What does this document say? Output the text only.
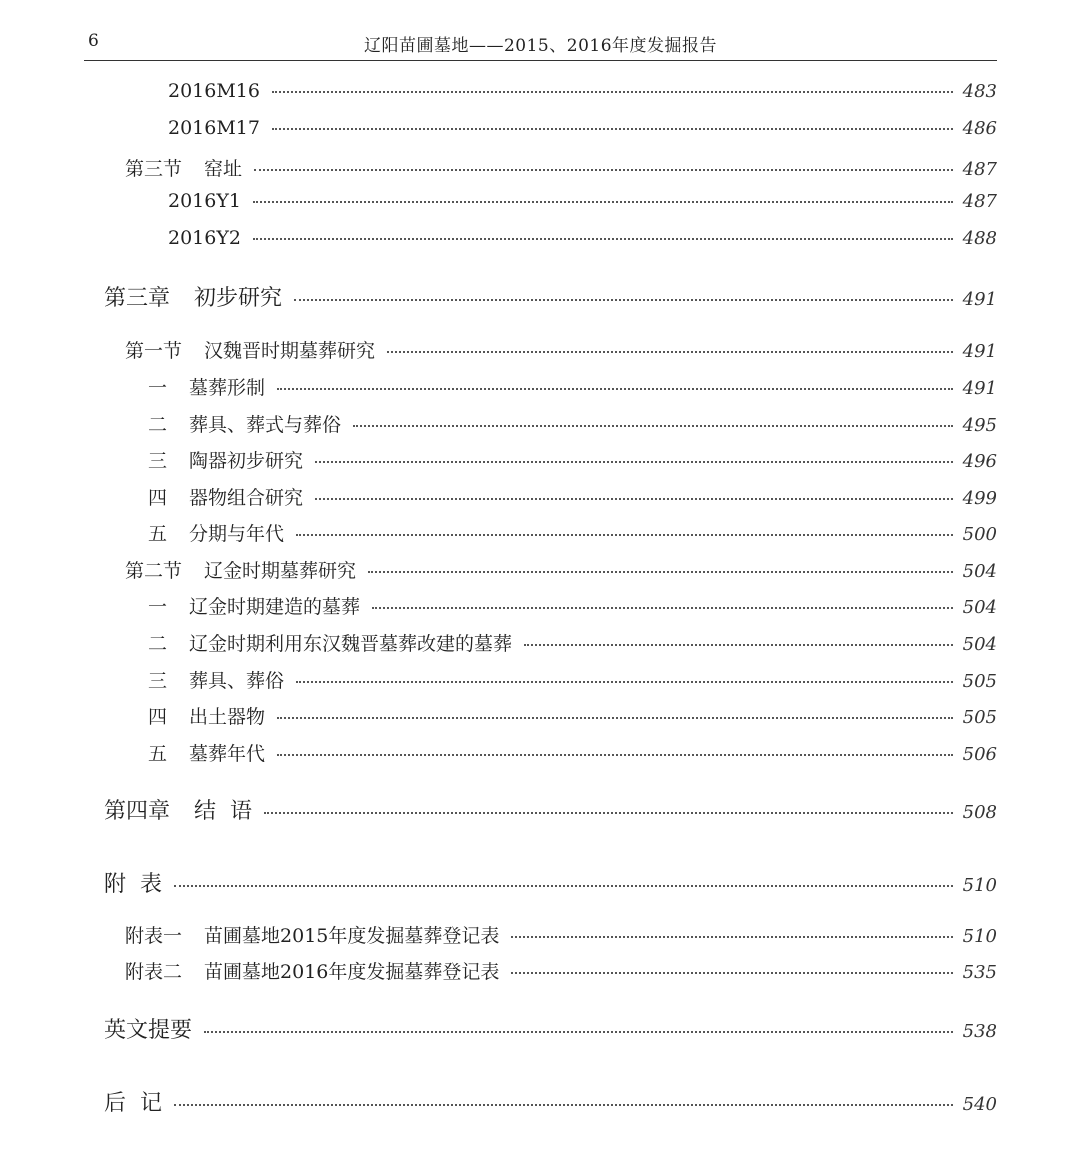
6	辽阳苗圃墓地——2015、2016年度发掘报告
2016M16	483
2016M17	486
第三节 窑址	487
2016Y1	487
2016Y2	488
第三章 初步研究	491
第一节 汉魏晋时期墓葬研究	491
一 墓葬形制	491
二 葬具、葬式与葬俗	495
三 陶器初步研究	496
四 器物组合研究	499
五 分期与年代	500
第二节 辽金时期墓葬研究	504
一 辽金时期建造的墓葬	504
二 辽金时期利用东汉魏晋墓葬改建的墓葬	504
三 葬具、葬俗	505
四 出土器物	505
五 墓葬年代	506
第四章 结  语	508
附  表	510
附表一 苗圃墓地2015年度发掘墓葬登记表	510
附表二 苗圃墓地2016年度发掘墓葬登记表	535
英文提要	538
后  记	540
